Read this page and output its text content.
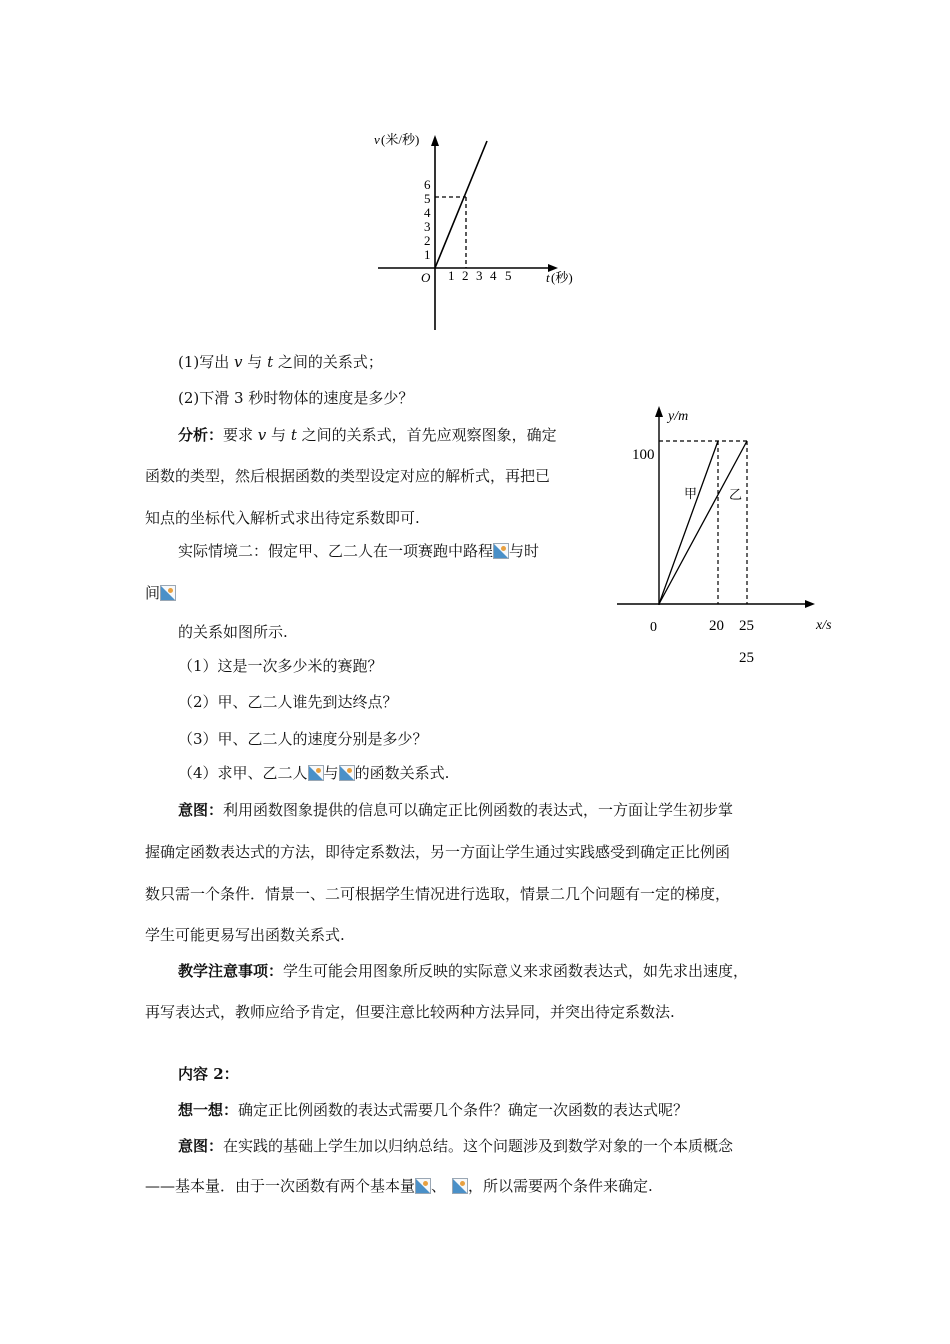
v (米/秒)
1
2
3
4
5
6
O 1 2 3 4 5	t (秒)
y/m
x/s
100
0	20 25
25
甲 乙
(1)写出 v 与 t 之间的关系式；
(2)下滑 3 秒时物体的速度是多少？
分析：要求 v 与 t 之间的关系式，首先应观察图象，确定
函数的类型，然后根据函数的类型设定对应的解析式，再把已
知点的坐标代入解析式求出待定系数即可.
实际情境二：假定甲、乙二人在一项赛跑中路程 与时
间
的关系如图所示.
（1）这是一次多少米的赛跑？
（2）甲、乙二人谁先到达终点？
（3）甲、乙二人的速度分别是多少？
（4）求甲、乙二人 与 的函数关系式.
意图：利用函数图象提供的信息可以确定正比例函数的表达式，一方面让学生初步掌
握确定函数表达式的方法，即待定系数法，另一方面让学生通过实践感受到确定正比例函
数只需一个条件．情景一、二可根据学生情况进行选取，情景二几个问题有一定的梯度，
学生可能更易写出函数关系式.
教学注意事项：学生可能会用图象所反映的实际意义来求函数表达式，如先求出速度，
再写表达式，教师应给予肯定，但要注意比较两种方法异同，并突出待定系数法.
内容 2：
想一想：确定正比例函数的表达式需要几个条件？确定一次函数的表达式呢？
意图：在实践的基础上学生加以归纳总结。这个问题涉及到数学对象的一个本质概念
——基本量．由于一次函数有两个基本量 、 ，所以需要两个条件来确定.
